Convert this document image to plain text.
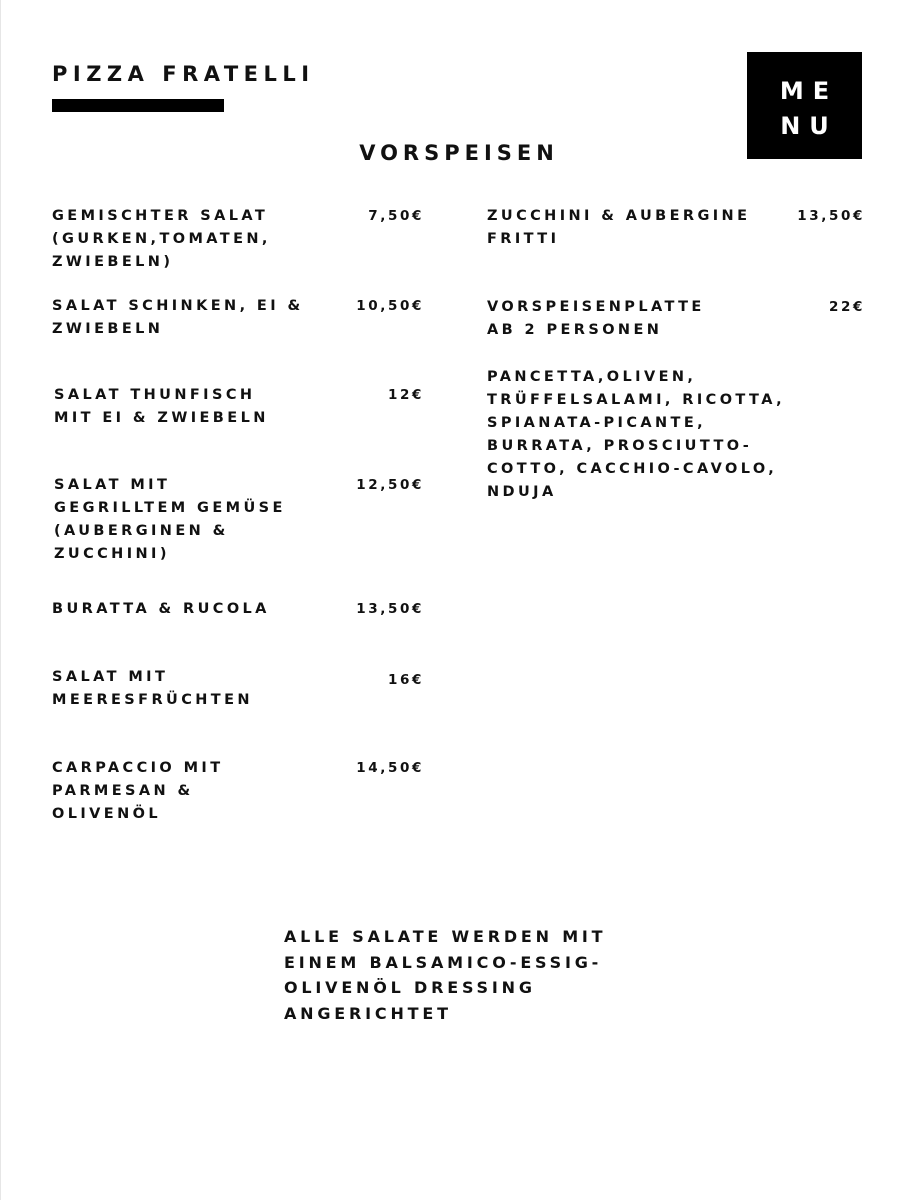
PIZZA FRATELLI
ME
NU
VORSPEISEN
GEMISCHTER SALAT
(GURKEN,TOMATEN,
ZWIEBELN)
7,50€
SALAT SCHINKEN, EI &
ZWIEBELN
10,50€
SALAT THUNFISCH
MIT EI & ZWIEBELN
12€
SALAT MIT
GEGRILLTEM GEMÜSE
(AUBERGINEN &
ZUCCHINI)
12,50€
BURATTA & RUCOLA	13,50€
SALAT MIT
MEERESFRÜCHTEN
16€
CARPACCIO MIT
PARMESAN &
OLIVENÖL
14,50€
ZUCCHINI & AUBERGINE
FRITTI
13,50€
VORSPEISENPLATTE
AB 2 PERSONEN
22€
PANCETTA,OLIVEN,
TRÜFFELSALAMI, RICOTTA,
SPIANATA-PICANTE,
BURRATA, PROSCIUTTO-
COTTO, CACCHIO-CAVOLO,
NDUJA
ALLE SALATE WERDEN MIT
EINEM BALSAMICO-ESSIG-
OLIVENÖL DRESSING
ANGERICHTET
